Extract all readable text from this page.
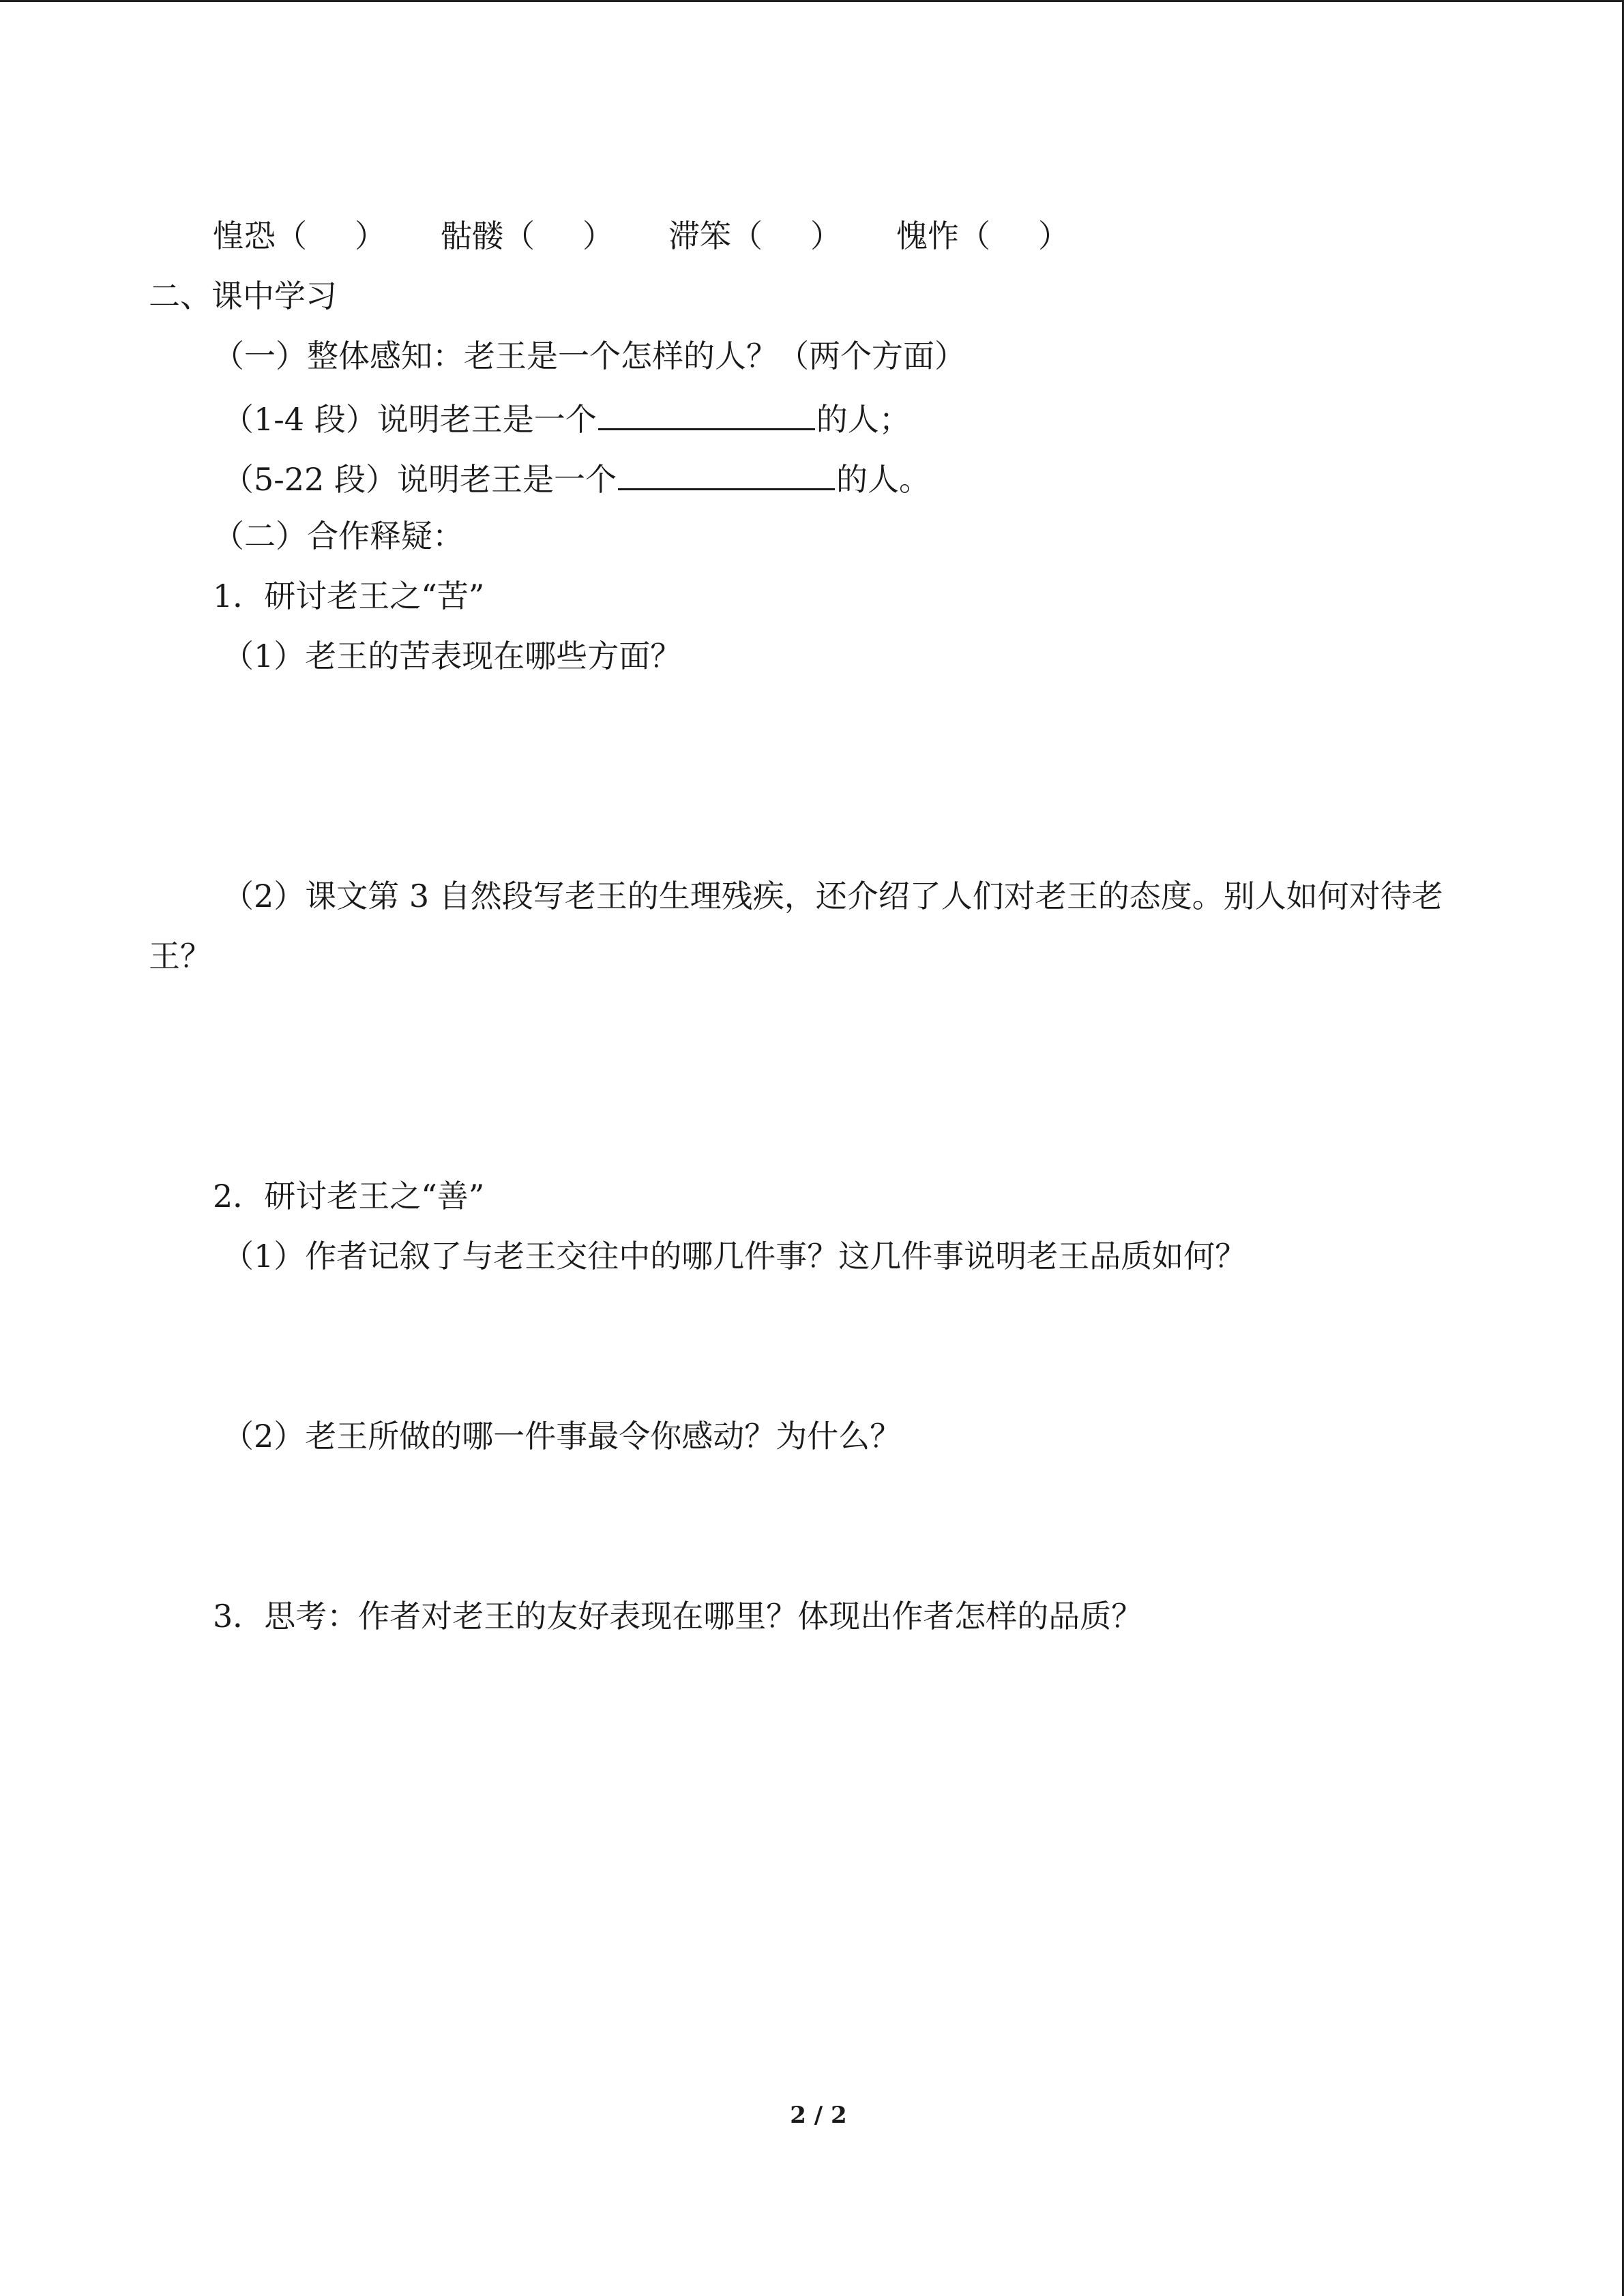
惶恐（ ） 骷髅（ ） 滞笨（ ） 愧怍（ ）
二、课中学习
（一）整体感知：老王是一个怎样的人？（两个方面）
（1-4 段）说明老王是一个	的人；
（5-22 段）说明老王是一个	的人。
（二）合作释疑：
1．研讨老王之“苦”
（1）老王的苦表现在哪些方面？
（2）课文第 3 自然段写老王的生理残疾，还介绍了人们对老王的态度。别人如何对待老
王？
2．研讨老王之“善”
（1）作者记叙了与老王交往中的哪几件事？这几件事说明老王品质如何？
（2）老王所做的哪一件事最令你感动？为什么？
3．思考：作者对老王的友好表现在哪里？体现出作者怎样的品质？
2 / 2
